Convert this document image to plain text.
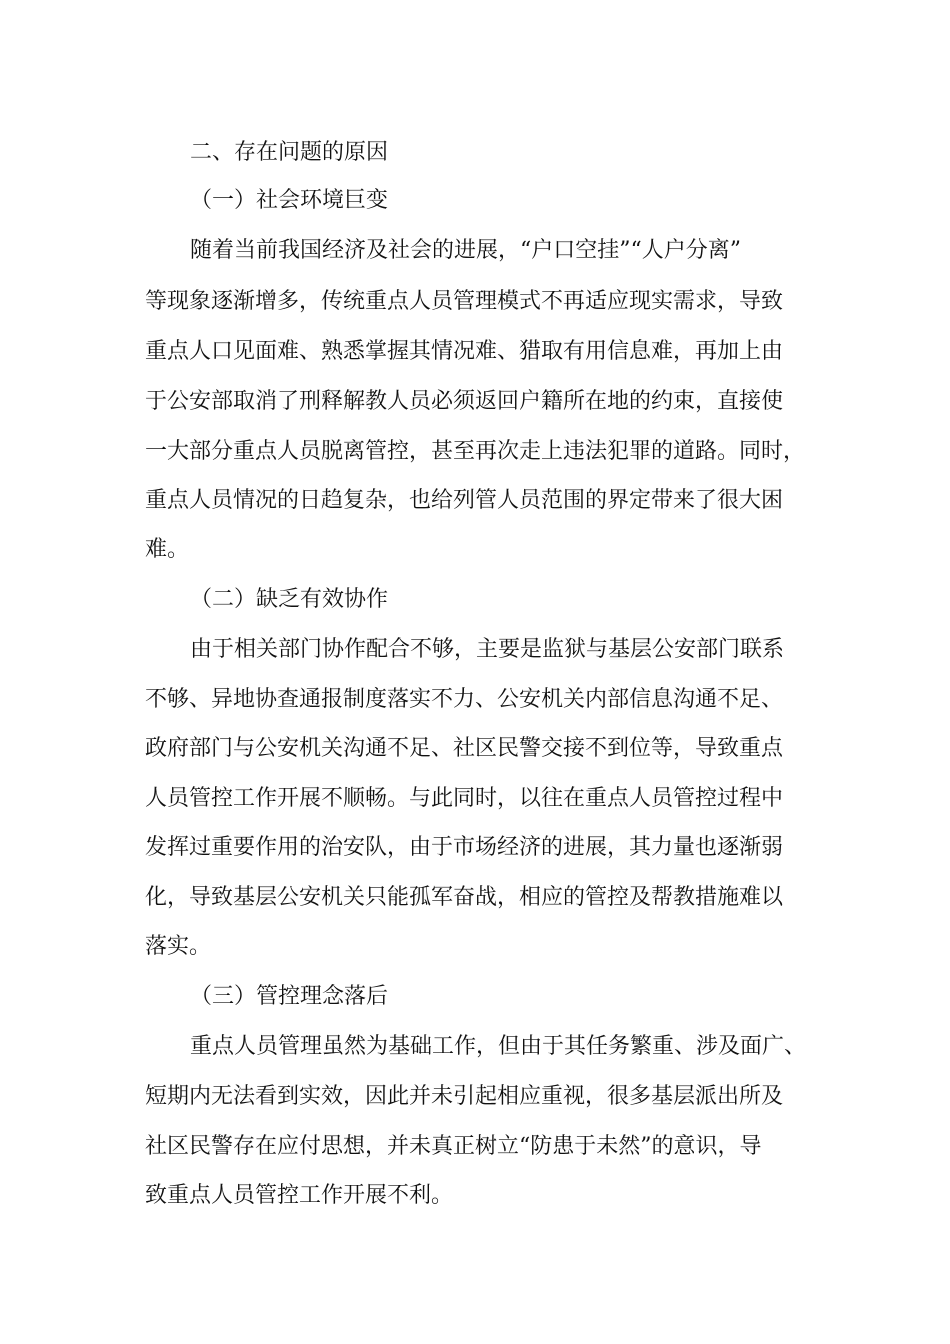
二、存在问题的原因

（一）社会环境巨变

随着当前我国经济及社会的进展，“户口空挂”“人户分离”

等现象逐渐增多，传统重点人员管理模式不再适应现实需求，导致

重点人口见面难、熟悉掌握其情况难、猎取有用信息难，再加上由

于公安部取消了刑释解教人员必须返回户籍所在地的约束，直接使

一大部分重点人员脱离管控，甚至再次走上违法犯罪的道路。同时，

重点人员情况的日趋复杂，也给列管人员范围的界定带来了很大困

难。

（二）缺乏有效协作

由于相关部门协作配合不够，主要是监狱与基层公安部门联系

不够、异地协查通报制度落实不力、公安机关内部信息沟通不足、

政府部门与公安机关沟通不足、社区民警交接不到位等，导致重点

人员管控工作开展不顺畅。与此同时，以往在重点人员管控过程中

发挥过重要作用的治安队，由于市场经济的进展，其力量也逐渐弱

化，导致基层公安机关只能孤军奋战，相应的管控及帮教措施难以

落实。

（三）管控理念落后

重点人员管理虽然为基础工作，但由于其任务繁重、涉及面广、

短期内无法看到实效，因此并未引起相应重视，很多基层派出所及

社区民警存在应付思想，并未真正树立“防患于未然”的意识，导

致重点人员管控工作开展不利。
